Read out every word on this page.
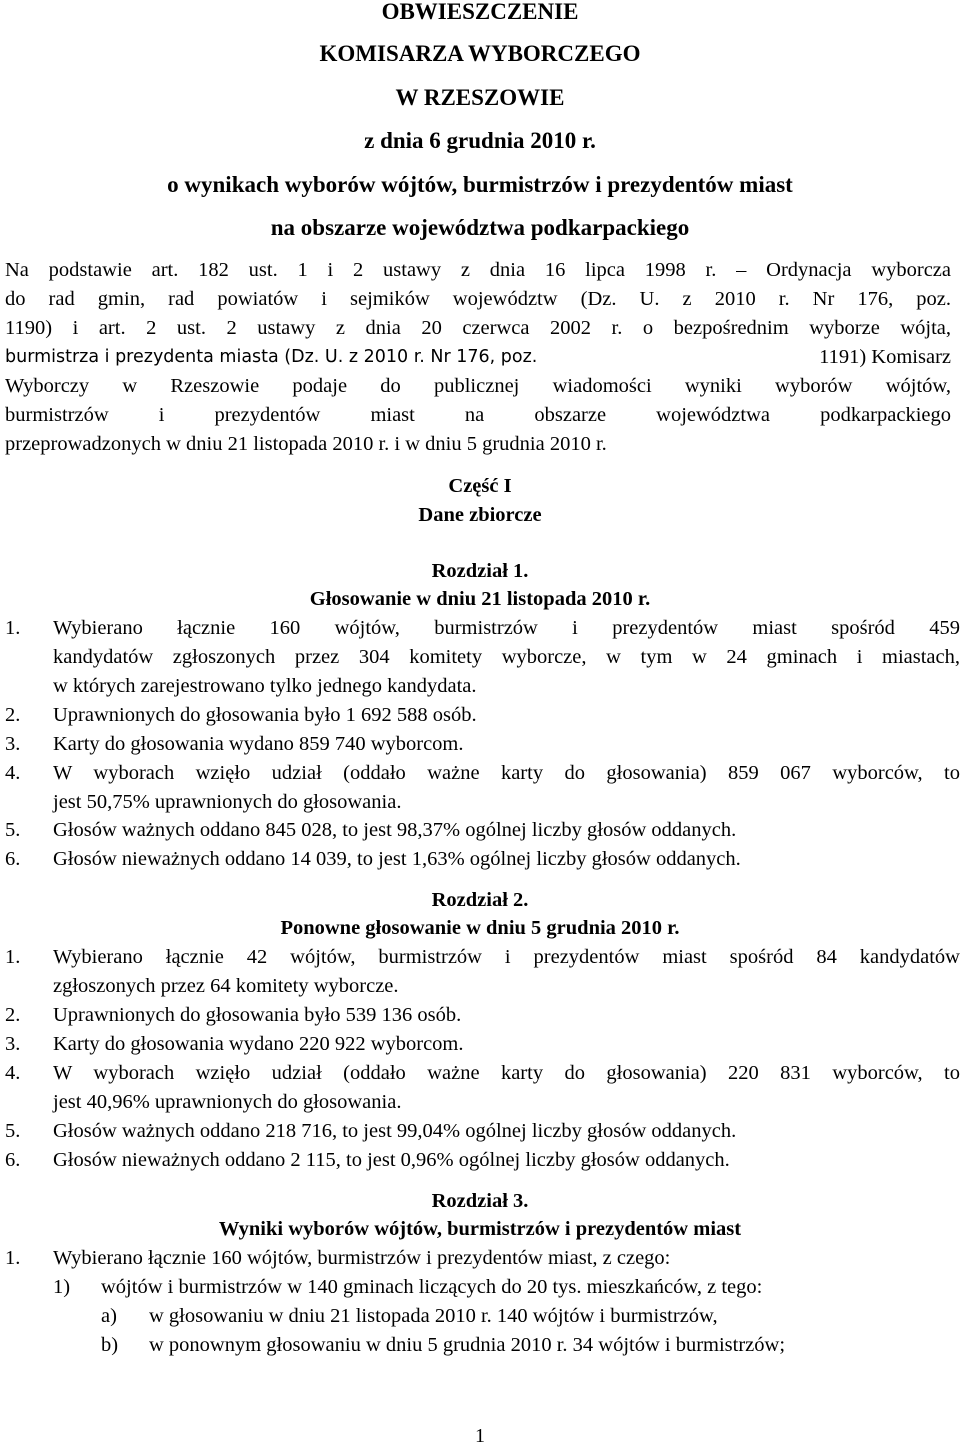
OBWIESZCZENIE
KOMISARZA WYBORCZEGO
W RZESZOWIE
z dnia 6 grudnia 2010 r.
o wynikach wyborów wójtów, burmistrzów i prezydentów miast
na obszarze województwa podkarpackiego
Na podstawie art. 182 ust. 1 i 2 ustawy z dnia 16 lipca 1998 r. – Ordynacja wyborcza
do rad gmin, rad powiatów i sejmików województw (Dz. U. z 2010 r. Nr 176, poz.
1190) i art. 2 ust. 2 ustawy z dnia 20 czerwca 2002 r. o bezpośrednim wyborze wójta,
burmistrza i prezydenta miasta (Dz. U. z 2010 r. Nr 176, poz.	1191) Komisarz
Wyborczy w Rzeszowie podaje do publicznej wiadomości wyniki wyborów wójtów,
burmistrzów i prezydentów miast na obszarze województwa podkarpackiego
przeprowadzonych w dniu 21 listopada 2010 r. i w dniu 5 grudnia 2010 r.
Część I
Dane zbiorcze
Rozdział 1.
Głosowanie w dniu 21 listopada 2010 r.
1. Wybierano łącznie 160 wójtów, burmistrzów i prezydentów miast spośród 459
kandydatów zgłoszonych przez 304 komitety wyborcze, w tym w 24 gminach i miastach,
w których zarejestrowano tylko jednego kandydata.
2. Uprawnionych do głosowania było 1 692 588 osób.
3. Karty do głosowania wydano 859 740 wyborcom.
4. W wyborach wzięło udział (oddało ważne karty do głosowania) 859 067 wyborców, to
jest 50,75% uprawnionych do głosowania.
5. Głosów ważnych oddano 845 028, to jest 98,37% ogólnej liczby głosów oddanych.
6. Głosów nieważnych oddano 14 039, to jest 1,63% ogólnej liczby głosów oddanych.
Rozdział 2.
Ponowne głosowanie w dniu 5 grudnia 2010 r.
1. Wybierano łącznie 42 wójtów, burmistrzów i prezydentów miast spośród 84 kandydatów
zgłoszonych przez 64 komitety wyborcze.
2. Uprawnionych do głosowania było 539 136 osób.
3. Karty do głosowania wydano 220 922 wyborcom.
4. W wyborach wzięło udział (oddało ważne karty do głosowania) 220 831 wyborców, to
jest 40,96% uprawnionych do głosowania.
5. Głosów ważnych oddano 218 716, to jest 99,04% ogólnej liczby głosów oddanych.
6. Głosów nieważnych oddano 2 115, to jest 0,96% ogólnej liczby głosów oddanych.
Rozdział 3.
Wyniki wyborów wójtów, burmistrzów i prezydentów miast
1. Wybierano łącznie 160 wójtów, burmistrzów i prezydentów miast, z czego:
1) wójtów i burmistrzów w 140 gminach liczących do 20 tys. mieszkańców, z tego:
a) w głosowaniu w dniu 21 listopada 2010 r. 140 wójtów i burmistrzów,
b) w ponownym głosowaniu w dniu 5 grudnia 2010 r. 34 wójtów i burmistrzów;
1
